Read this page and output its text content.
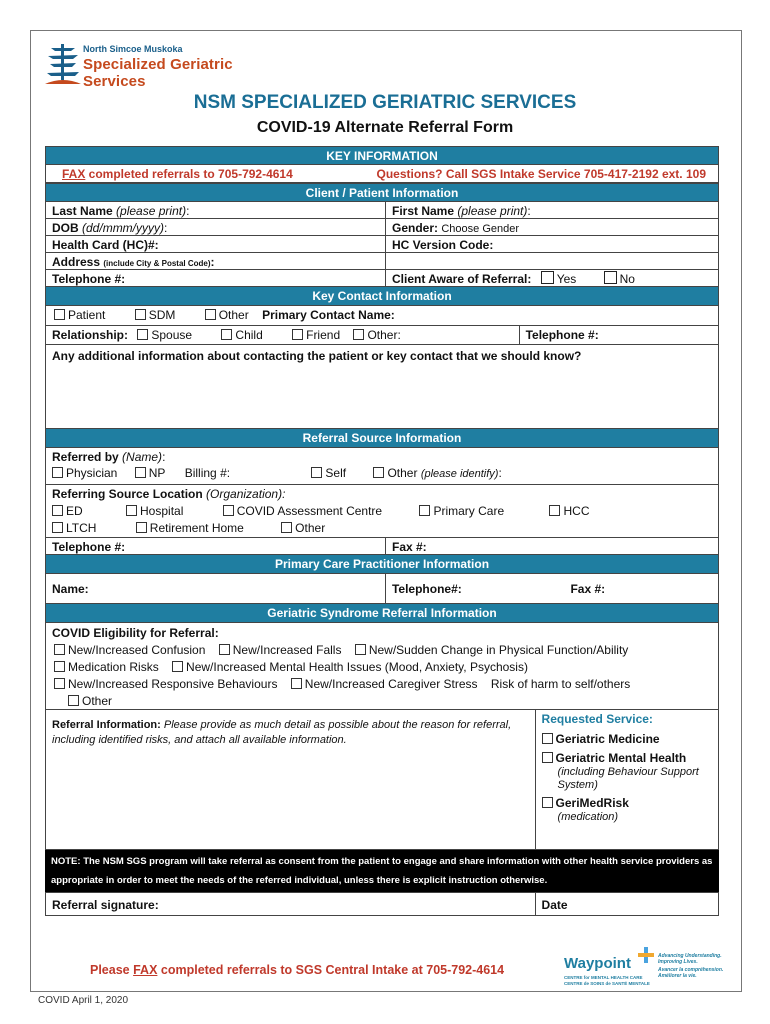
North Simcoe Muskoka
Specialized Geriatric Services
NSM SPECIALIZED GERIATRIC SERVICES
COVID-19 Alternate Referral Form
KEY INFORMATION
FAX completed referrals to 705-792-4614	Questions? Call SGS Intake Service 705-417-2192 ext. 109
Client / Patient Information
Last Name (please print):	First Name (please print):
DOB (dd/mmm/yyyy):	Gender: Choose Gender
Health Card (HC)#:	HC Version Code:
Address (include City & Postal Code):
Telephone #:	Client Aware of Referral: Yes	No
Key Contact Information
Patient	SDM	Other Primary Contact Name:
Relationship: Spouse	Child	Friend Other:	Telephone #:
Any additional information about contacting the patient or key contact that we should know?
Referral Source Information
Referred by (Name):
Physician	NP Billing #:	Self	Other (please identify):
Referring Source Location (Organization):
ED	Hospital	COVID Assessment Centre	Primary Care	HCC
LTCH	Retirement Home	Other
Telephone #:	Fax #:
Primary Care Practitioner Information
Name:	Telephone#:	Fax #:
Geriatric Syndrome Referral Information
COVID Eligibility for Referral:
New/Increased Confusion New/Increased Falls New/Sudden Change in Physical Function/Ability
Medication Risks New/Increased Mental Health Issues (Mood, Anxiety, Psychosis)
New/Increased Responsive Behaviours New/Increased Caregiver Stress Risk of harm to self/others
Other
Referral Information: Please provide as much detail as possible about the reason for referral, including identified risks, and attach all available information.
Requested Service:
Geriatric Medicine
Geriatric Mental Health
(including Behaviour Support System)
GeriMedRisk
(medication)
NOTE: The NSM SGS program will take referral as consent from the patient to engage and share information with other health service providers as appropriate in order to meet the needs of the referred individual, unless there is explicit instruction otherwise.
Referral signature:	Date
Please FAX completed referrals to SGS Central Intake at 705-792-4614	Waypoint	Advancing Understanding. Improving Lives.
Avancer la compréhension. Améliorer la vie.
CENTRE for MENTAL HEALTH CARE
CENTRE de SOINS de SANTÉ MENTALE
COVID April 1, 2020
